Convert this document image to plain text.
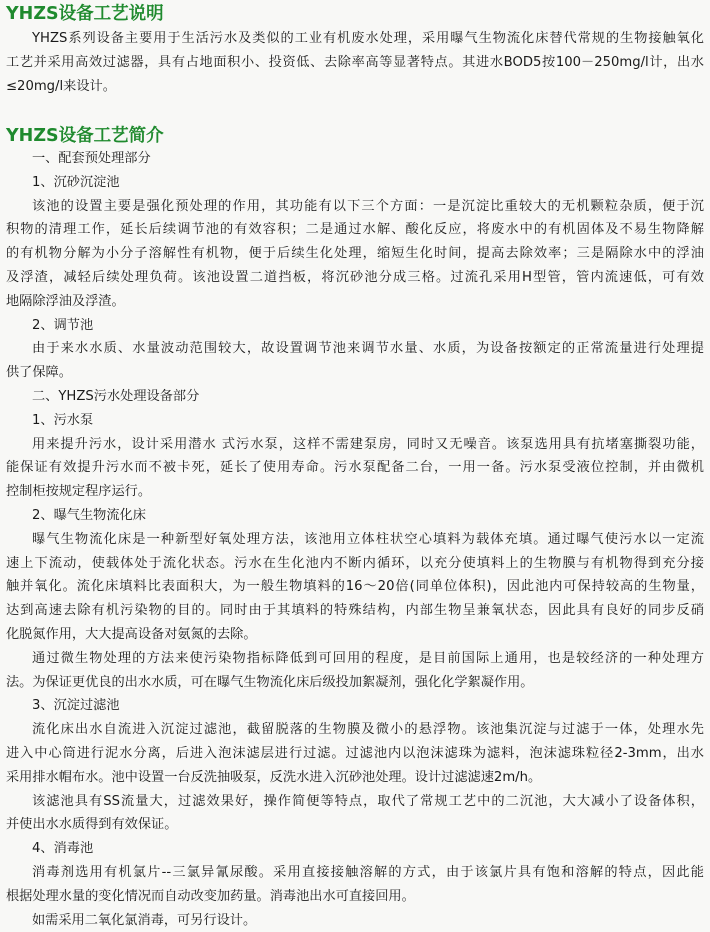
YHZS设备工艺说明
YHZS系列设备主要用于生活污水及类似的工业有机废水处理，采用曝气生物流化床替代常规的生物接触氧化
工艺并采用高效过滤器，具有占地面积小、投资低、去除率高等显著特点。其进水BOD5按100－250mg/l计，出水
≤20mg/l来设计。
YHZS设备工艺简介
一、配套预处理部分
1、沉砂沉淀池
该池的设置主要是强化预处理的作用，其功能有以下三个方面：一是沉淀比重较大的无机颗粒杂质，便于沉
积物的清理工作，延长后续调节池的有效容积；二是通过水解、酸化反应，将废水中的有机固体及不易生物降解
的有机物分解为小分子溶解性有机物，便于后续生化处理，缩短生化时间，提高去除效率；三是隔除水中的浮油
及浮渣，减轻后续处理负荷。该池设置二道挡板，将沉砂池分成三格。过流孔采用H型管，管内流速低，可有效
地隔除浮油及浮渣。
2、调节池
由于来水水质、水量波动范围较大，故设置调节池来调节水量、水质，为设备按额定的正常流量进行处理提
供了保障。
二、YHZS污水处理设备部分
1、污水泵
用来提升污水，设计采用潜水 式污水泵，这样不需建泵房，同时又无噪音。该泵选用具有抗堵塞撕裂功能，
能保证有效提升污水而不被卡死，延长了使用寿命。污水泵配备二台，一用一备。污水泵受液位控制，并由微机
控制柜按规定程序运行。
2、曝气生物流化床
曝气生物流化床是一种新型好氧处理方法，该池用立体柱状空心填料为载体充填。通过曝气使污水以一定流
速上下流动，使载体处于流化状态。污水在生化池内不断内循环，以充分使填料上的生物膜与有机物得到充分接
触并氧化。流化床填料比表面积大，为一般生物填料的16～20倍(同单位体积)，因此池内可保持较高的生物量，
达到高速去除有机污染物的目的。同时由于其填料的特殊结构，内部生物呈兼氧状态，因此具有良好的同步反硝
化脱氮作用，大大提高设备对氨氮的去除。
通过微生物处理的方法来使污染物指标降低到可回用的程度，是目前国际上通用，也是较经济的一种处理方
法。为保证更优良的出水水质，可在曝气生物流化床后级投加絮凝剂，强化化学絮凝作用。
3、沉淀过滤池
流化床出水自流进入沉淀过滤池，截留脱落的生物膜及微小的悬浮物。该池集沉淀与过滤于一体，处理水先
进入中心筒进行泥水分离，后进入泡沫滤层进行过滤。过滤池内以泡沫滤珠为滤料，泡沫滤珠粒径2-3mm，出水
采用排水帽布水。池中设置一台反洗抽吸泵，反洗水进入沉砂池处理。设计过滤滤速2m/h。
该滤池具有SS流量大，过滤效果好，操作简便等特点，取代了常规工艺中的二沉池，大大减小了设备体积，
并使出水水质得到有效保证。
4、消毒池
消毒剂选用有机氯片--三氯异氰尿酸。采用直接接触溶解的方式，由于该氯片具有饱和溶解的特点，因此能
根据处理水量的变化情况而自动改变加药量。消毒池出水可直接回用。
如需采用二氧化氯消毒，可另行设计。
